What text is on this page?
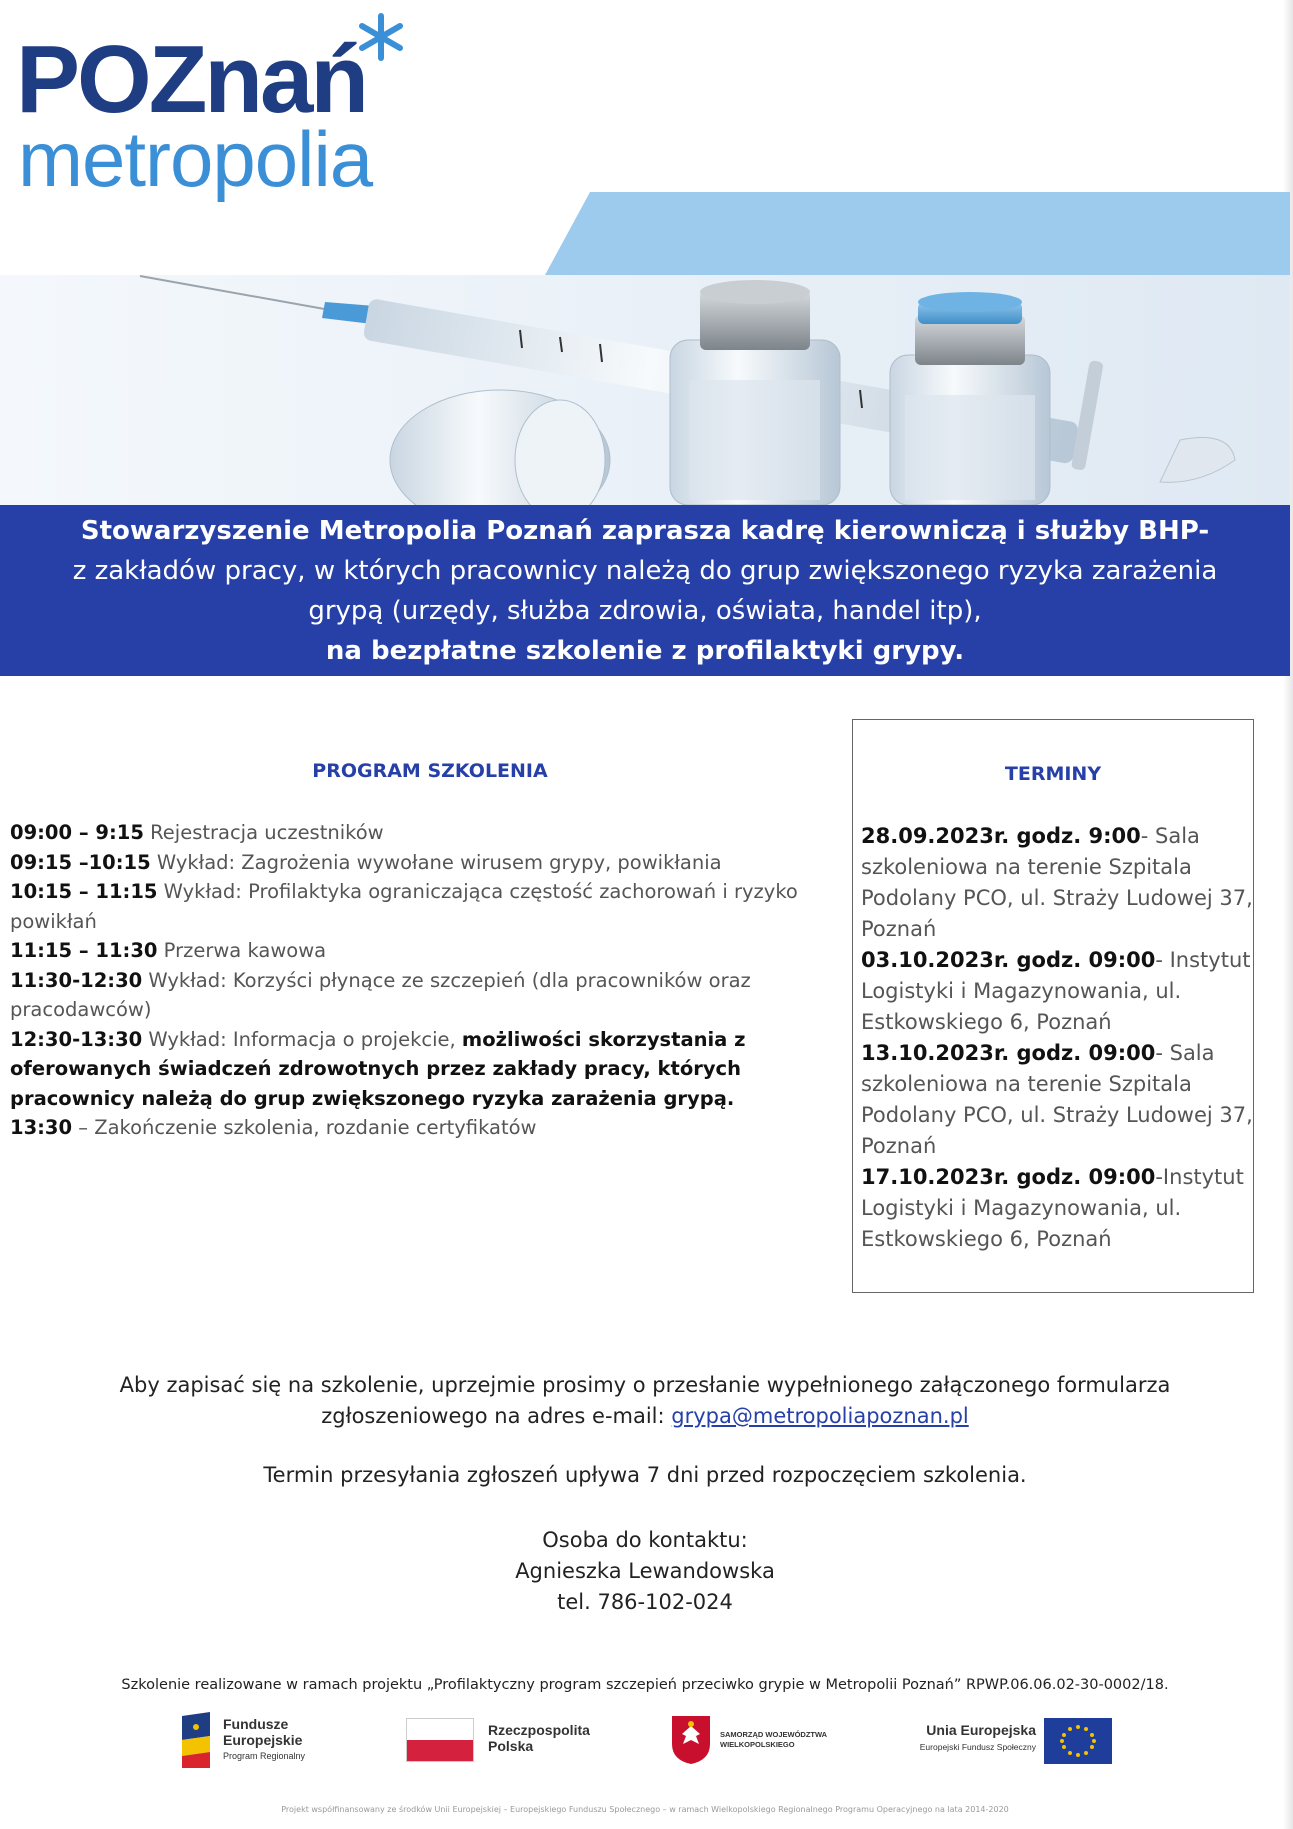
POZnań
metropolia

Stowarzyszenie Metropolia Poznań zaprasza kadrę kierowniczą i służby BHP-

z zakładów pracy, w których pracownicy należą do grup zwiększonego ryzyka zarażenia

grypą (urzędy, służba zdrowia, oświata, handel itp),

na bezpłatne szkolenie z profilaktyki grypy.

PROGRAM SZKOLENIA

09:00 – 9:15 Rejestracja uczestników

09:15 –10:15 Wykład: Zagrożenia wywołane wirusem grypy, powikłania

10:15 – 11:15 Wykład: Profilaktyka ograniczająca częstość zachorowań i ryzyko powikłań

11:15 – 11:30 Przerwa kawowa

11:30-12:30 Wykład: Korzyści płynące ze szczepień (dla pracowników oraz pracodawców)

12:30-13:30 Wykład: Informacja o projekcie, możliwości skorzystania z oferowanych świadczeń zdrowotnych przez zakłady pracy, których pracownicy należą do grup zwiększonego ryzyka zarażenia grypą.

13:30 – Zakończenie szkolenia, rozdanie certyfikatów

TERMINY

28.09.2023r. godz. 9:00- Sala szkoleniowa na terenie Szpitala Podolany PCO, ul. Straży Ludowej 37, Poznań

03.10.2023r. godz. 09:00- Instytut Logistyki i Magazynowania, ul. Estkowskiego 6, Poznań

13.10.2023r. godz. 09:00- Sala szkoleniowa na terenie Szpitala Podolany PCO, ul. Straży Ludowej 37, Poznań

17.10.2023r. godz. 09:00-Instytut Logistyki i Magazynowania, ul. Estkowskiego 6, Poznań

Aby zapisać się na szkolenie, uprzejmie prosimy o przesłanie wypełnionego załączonego formularza

zgłoszeniowego na adres e-mail: grypa@metropoliapoznan.pl

Termin przesyłania zgłoszeń upływa 7 dni przed rozpoczęciem szkolenia.

Osoba do kontaktu:

Agnieszka Lewandowska

tel. 786-102-024

Szkolenie realizowane w ramach projektu „Profilaktyczny program szczepień przeciwko grypie w Metropolii Poznań” RPWP.06.06.02-30-0002/18.
Fundusze
Europejskie
Program Regionalny
Rzeczpospolita
Polska
SAMORZĄD WOJEWÓDZTWA
WIELKOPOLSKIEGO
Unia Europejska
Europejski Fundusz Społeczny
Projekt współfinansowany ze środków Unii Europejskiej – Europejskiego Funduszu Społecznego – w ramach Wielkopolskiego Regionalnego Programu Operacyjnego na lata 2014-2020
